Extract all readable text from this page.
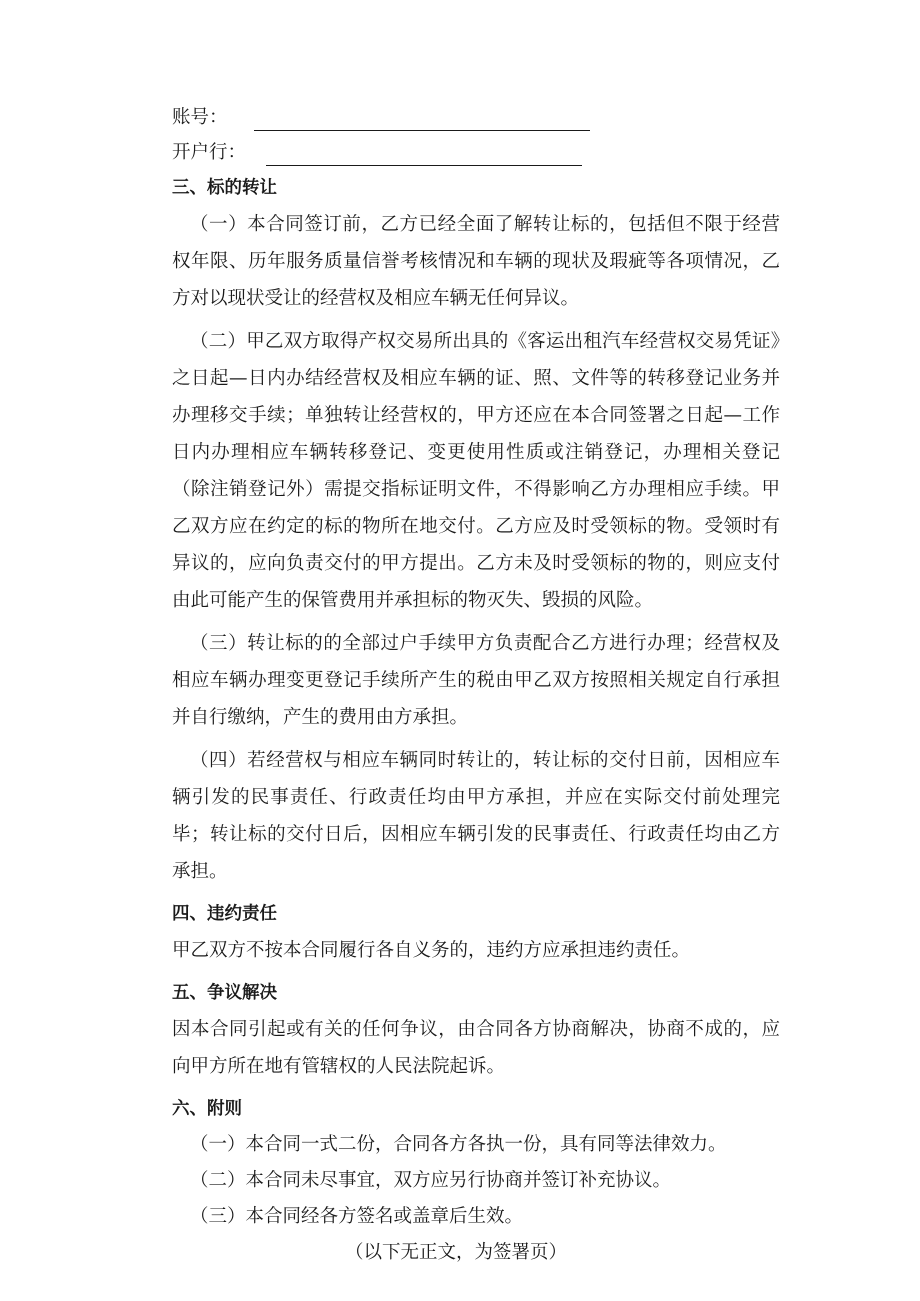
账号：
开户行：
三、标的转让

（一）本合同签订前，乙方已经全面了解转让标的，包括但不限于经营权年限、历年服务质量信誉考核情况和车辆的现状及瑕疵等各项情况，乙方对以现状受让的经营权及相应车辆无任何异议。

（二）甲乙双方取得产权交易所出具的《客运出租汽车经营权交易凭证》之日起—日内办结经营权及相应车辆的证、照、文件等的转移登记业务并办理移交手续；单独转让经营权的，甲方还应在本合同签署之日起—工作日内办理相应车辆转移登记、变更使用性质或注销登记，办理相关登记（除注销登记外）需提交指标证明文件，不得影响乙方办理相应手续。甲乙双方应在约定的标的物所在地交付。乙方应及时受领标的物。受领时有异议的，应向负责交付的甲方提出。乙方未及时受领标的物的，则应支付由此可能产生的保管费用并承担标的物灭失、毁损的风险。

（三）转让标的的全部过户手续甲方负责配合乙方进行办理；经营权及相应车辆办理变更登记手续所产生的税由甲乙双方按照相关规定自行承担并自行缴纳，产生的费用由方承担。

（四）若经营权与相应车辆同时转让的，转让标的交付日前，因相应车辆引发的民事责任、行政责任均由甲方承担，并应在实际交付前处理完毕；转让标的交付日后，因相应车辆引发的民事责任、行政责任均由乙方承担。

四、违约责任

甲乙双方不按本合同履行各自义务的，违约方应承担违约责任。

五、争议解决

因本合同引起或有关的任何争议，由合同各方协商解决，协商不成的，应向甲方所在地有管辖权的人民法院起诉。

六、附则
（一）本合同一式二份，合同各方各执一份，具有同等法律效力。
（二）本合同未尽事宜，双方应另行协商并签订补充协议。
（三）本合同经各方签名或盖章后生效。
（以下无正文，为签署页）
